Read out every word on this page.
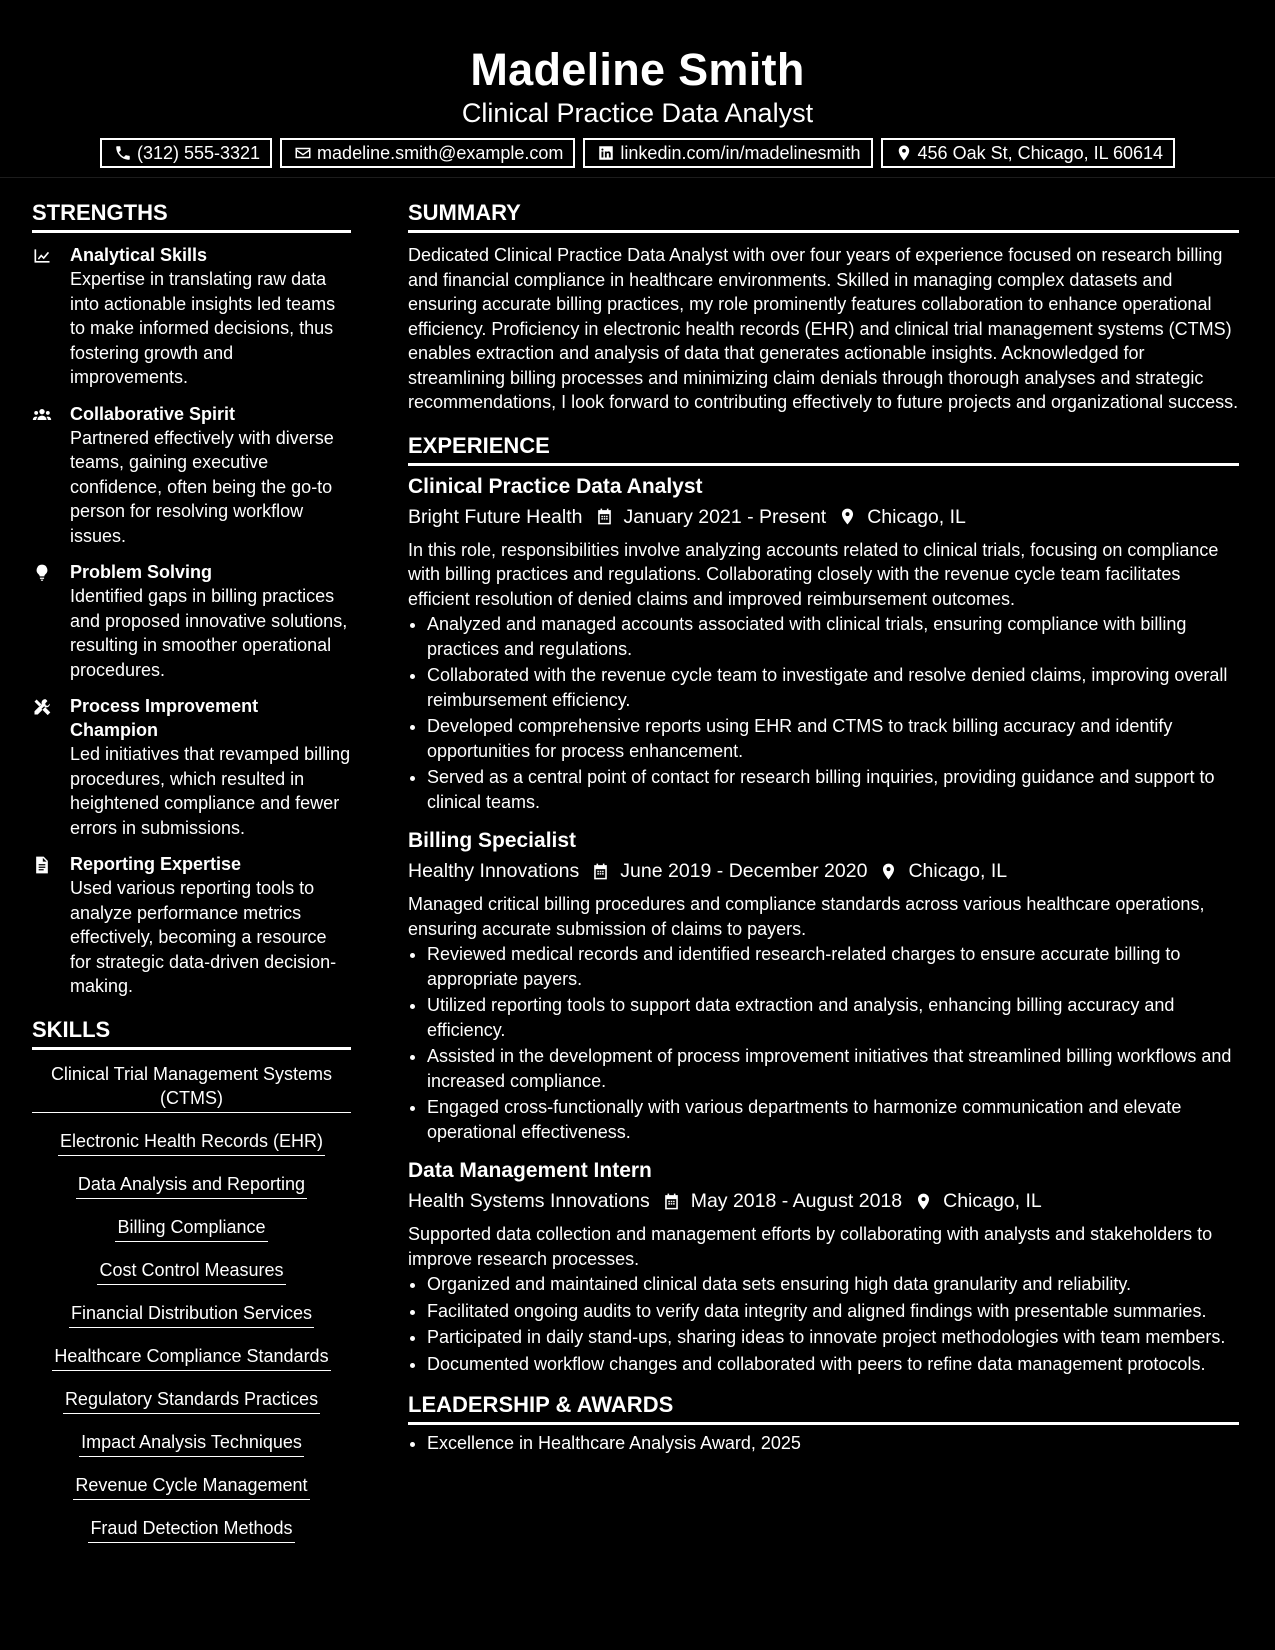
Madeline Smith
Clinical Practice Data Analyst
(312) 555-3321	madeline.smith@example.com	linkedin.com/in/madelinesmith	456 Oak St, Chicago, IL 60614
STRENGTHS
Analytical Skills
Expertise in translating raw data into actionable insights led teams to make informed decisions, thus fostering growth and improvements.
Collaborative Spirit
Partnered effectively with diverse teams, gaining executive confidence, often being the go-to person for resolving workflow issues.
Problem Solving
Identified gaps in billing practices and proposed innovative solutions, resulting in smoother operational procedures.
Process Improvement Champion
Led initiatives that revamped billing procedures, which resulted in heightened compliance and fewer errors in submissions.
Reporting Expertise
Used various reporting tools to analyze performance metrics effectively, becoming a resource for strategic data-driven decision-making.
SKILLS
Clinical Trial Management Systems (CTMS)
Electronic Health Records (EHR)
Data Analysis and Reporting
Billing Compliance
Cost Control Measures
Financial Distribution Services
Healthcare Compliance Standards
Regulatory Standards Practices
Impact Analysis Techniques
Revenue Cycle Management
Fraud Detection Methods
SUMMARY
Dedicated Clinical Practice Data Analyst with over four years of experience focused on research billing and financial compliance in healthcare environments. Skilled in managing complex datasets and ensuring accurate billing practices, my role prominently features collaboration to enhance operational efficiency. Proficiency in electronic health records (EHR) and clinical trial management systems (CTMS) enables extraction and analysis of data that generates actionable insights. Acknowledged for streamlining billing processes and minimizing claim denials through thorough analyses and strategic recommendations, I look forward to contributing effectively to future projects and organizational success.
EXPERIENCE
Clinical Practice Data Analyst
Bright Future Health January 2021 - Present Chicago, IL
In this role, responsibilities involve analyzing accounts related to clinical trials, focusing on compliance with billing practices and regulations. Collaborating closely with the revenue cycle team facilitates efficient resolution of denied claims and improved reimbursement outcomes.
• Analyzed and managed accounts associated with clinical trials, ensuring compliance with billing practices and regulations.
• Collaborated with the revenue cycle team to investigate and resolve denied claims, improving overall reimbursement efficiency.
• Developed comprehensive reports using EHR and CTMS to track billing accuracy and identify opportunities for process enhancement.
• Served as a central point of contact for research billing inquiries, providing guidance and support to clinical teams.
Billing Specialist
Healthy Innovations June 2019 - December 2020 Chicago, IL
Managed critical billing procedures and compliance standards across various healthcare operations, ensuring accurate submission of claims to payers.
• Reviewed medical records and identified research-related charges to ensure accurate billing to appropriate payers.
• Utilized reporting tools to support data extraction and analysis, enhancing billing accuracy and efficiency.
• Assisted in the development of process improvement initiatives that streamlined billing workflows and increased compliance.
• Engaged cross-functionally with various departments to harmonize communication and elevate operational effectiveness.
Data Management Intern
Health Systems Innovations May 2018 - August 2018 Chicago, IL
Supported data collection and management efforts by collaborating with analysts and stakeholders to improve research processes.
• Organized and maintained clinical data sets ensuring high data granularity and reliability.
• Facilitated ongoing audits to verify data integrity and aligned findings with presentable summaries.
• Participated in daily stand-ups, sharing ideas to innovate project methodologies with team members.
• Documented workflow changes and collaborated with peers to refine data management protocols.
LEADERSHIP & AWARDS
• Excellence in Healthcare Analysis Award, 2025
